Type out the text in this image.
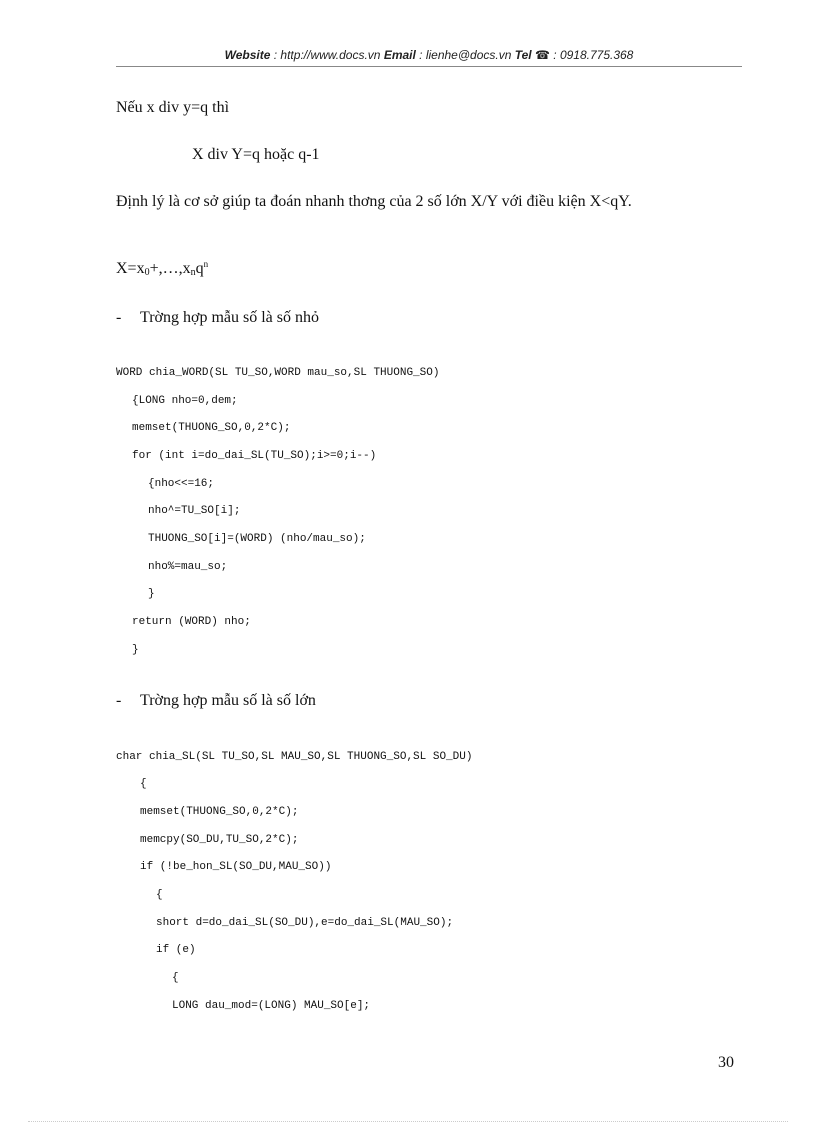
Website : http://www.docs.vn Email : lienhe@docs.vn Tel ☎ : 0918.775.368
Nếu x div y=q thì
X div Y=q hoặc q-1
Định lý là cơ sở giúp ta đoán nhanh thơng của 2 số lớn X/Y với điều kiện X<qY.
$X=x_0+,\dots,x_nq^n$
- Trờng hợp mẫu số là số nhỏ
WORD chia_WORD(SL TU_SO,WORD mau_so,SL THUONG_SO)
{LONG nho=0,dem;
memset(THUONG_SO,0,2*C);
for (int i=do_dai_SL(TU_SO);i>=0;i--)
{nho<<=16;
nho^=TU_SO[i];
THUONG_SO[i]=(WORD) (nho/mau_so);
nho%=mau_so;
}
return (WORD) nho;
}
- Trờng hợp mẫu số là số lớn
char chia_SL(SL TU_SO,SL MAU_SO,SL THUONG_SO,SL SO_DU)
{
memset(THUONG_SO,0,2*C);
memcpy(SO_DU,TU_SO,2*C);
if (!be_hon_SL(SO_DU,MAU_SO))
{
short d=do_dai_SL(SO_DU),e=do_dai_SL(MAU_SO);
if (e)
{
LONG dau_mod=(LONG) MAU_SO[e];
30
